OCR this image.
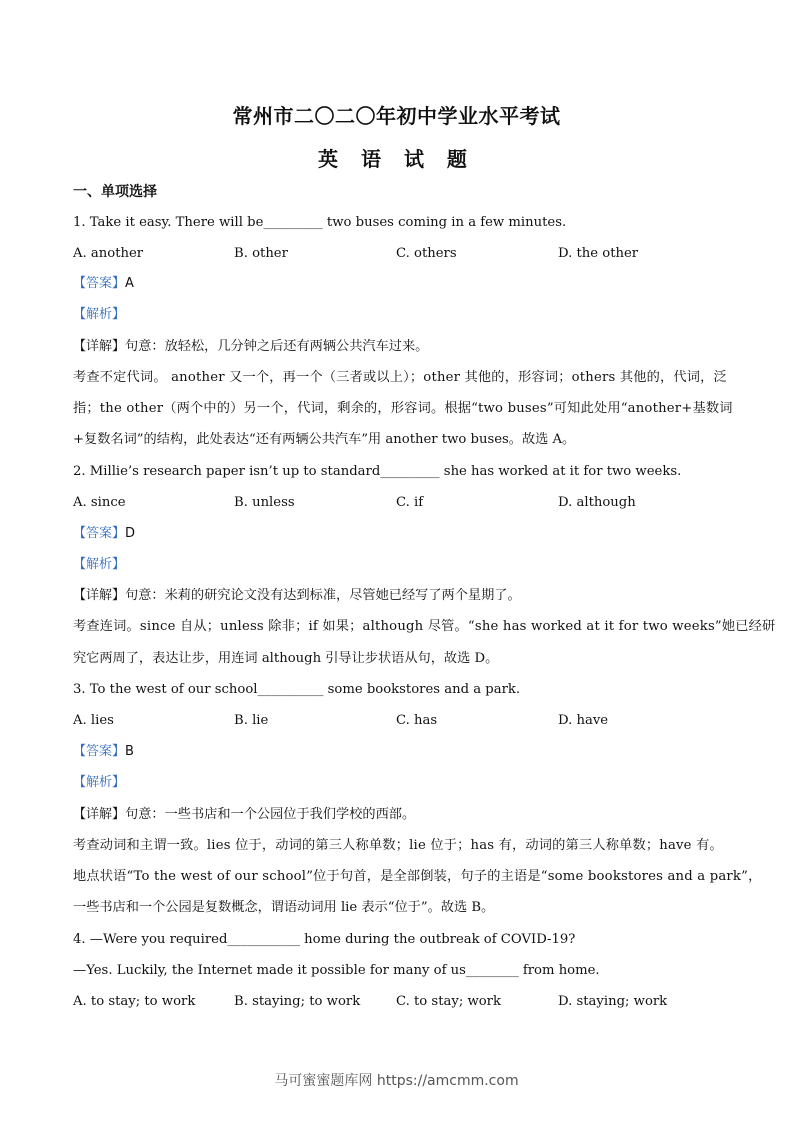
常州市二〇二〇年初中学业水平考试
英 语 试 题
一、单项选择
1. Take it easy. There will be_________ two buses coming in a few minutes.
A. another	B. other	C. others	D. the other
【答案】A
【解析】
【详解】句意：放轻松，几分钟之后还有两辆公共汽车过来。
考查不定代词。 another 又一个，再一个（三者或以上）；other 其他的，形容词；others 其他的，代词，泛
指；the other（两个中的）另一个，代词，剩余的，形容词。根据“two buses”可知此处用“another+基数词
+复数名词”的结构，此处表达“还有两辆公共汽车”用 another two buses。故选 A。
2. Millie’s research paper isn’t up to standard_________ she has worked at it for two weeks.
A. since	B. unless	C. if	D. although
【答案】D
【解析】
【详解】句意：米莉的研究论文没有达到标准，尽管她已经写了两个星期了。
考查连词。since 自从；unless 除非；if 如果；although 尽管。“she has worked at it for two weeks”她已经研
究它两周了，表达让步，用连词 although 引导让步状语从句，故选 D。
3. To the west of our school__________ some bookstores and a park.
A. lies	B. lie	C. has	D. have
【答案】B
【解析】
【详解】句意：一些书店和一个公园位于我们学校的西部。
考查动词和主谓一致。lies 位于，动词的第三人称单数；lie 位于；has 有，动词的第三人称单数；have 有。
地点状语“To the west of our school”位于句首，是全部倒装，句子的主语是“some bookstores and a park”，
一些书店和一个公园是复数概念，谓语动词用 lie 表示“位于”。故选 B。
4. —Were you required___________ home during the outbreak of COVID-19?
—Yes. Luckily, the Internet made it possible for many of us________ from home.
A. to stay; to work	B. staying; to work	C. to stay; work	D. staying; work
马可蜜蜜题库网 https://amcmm.com
